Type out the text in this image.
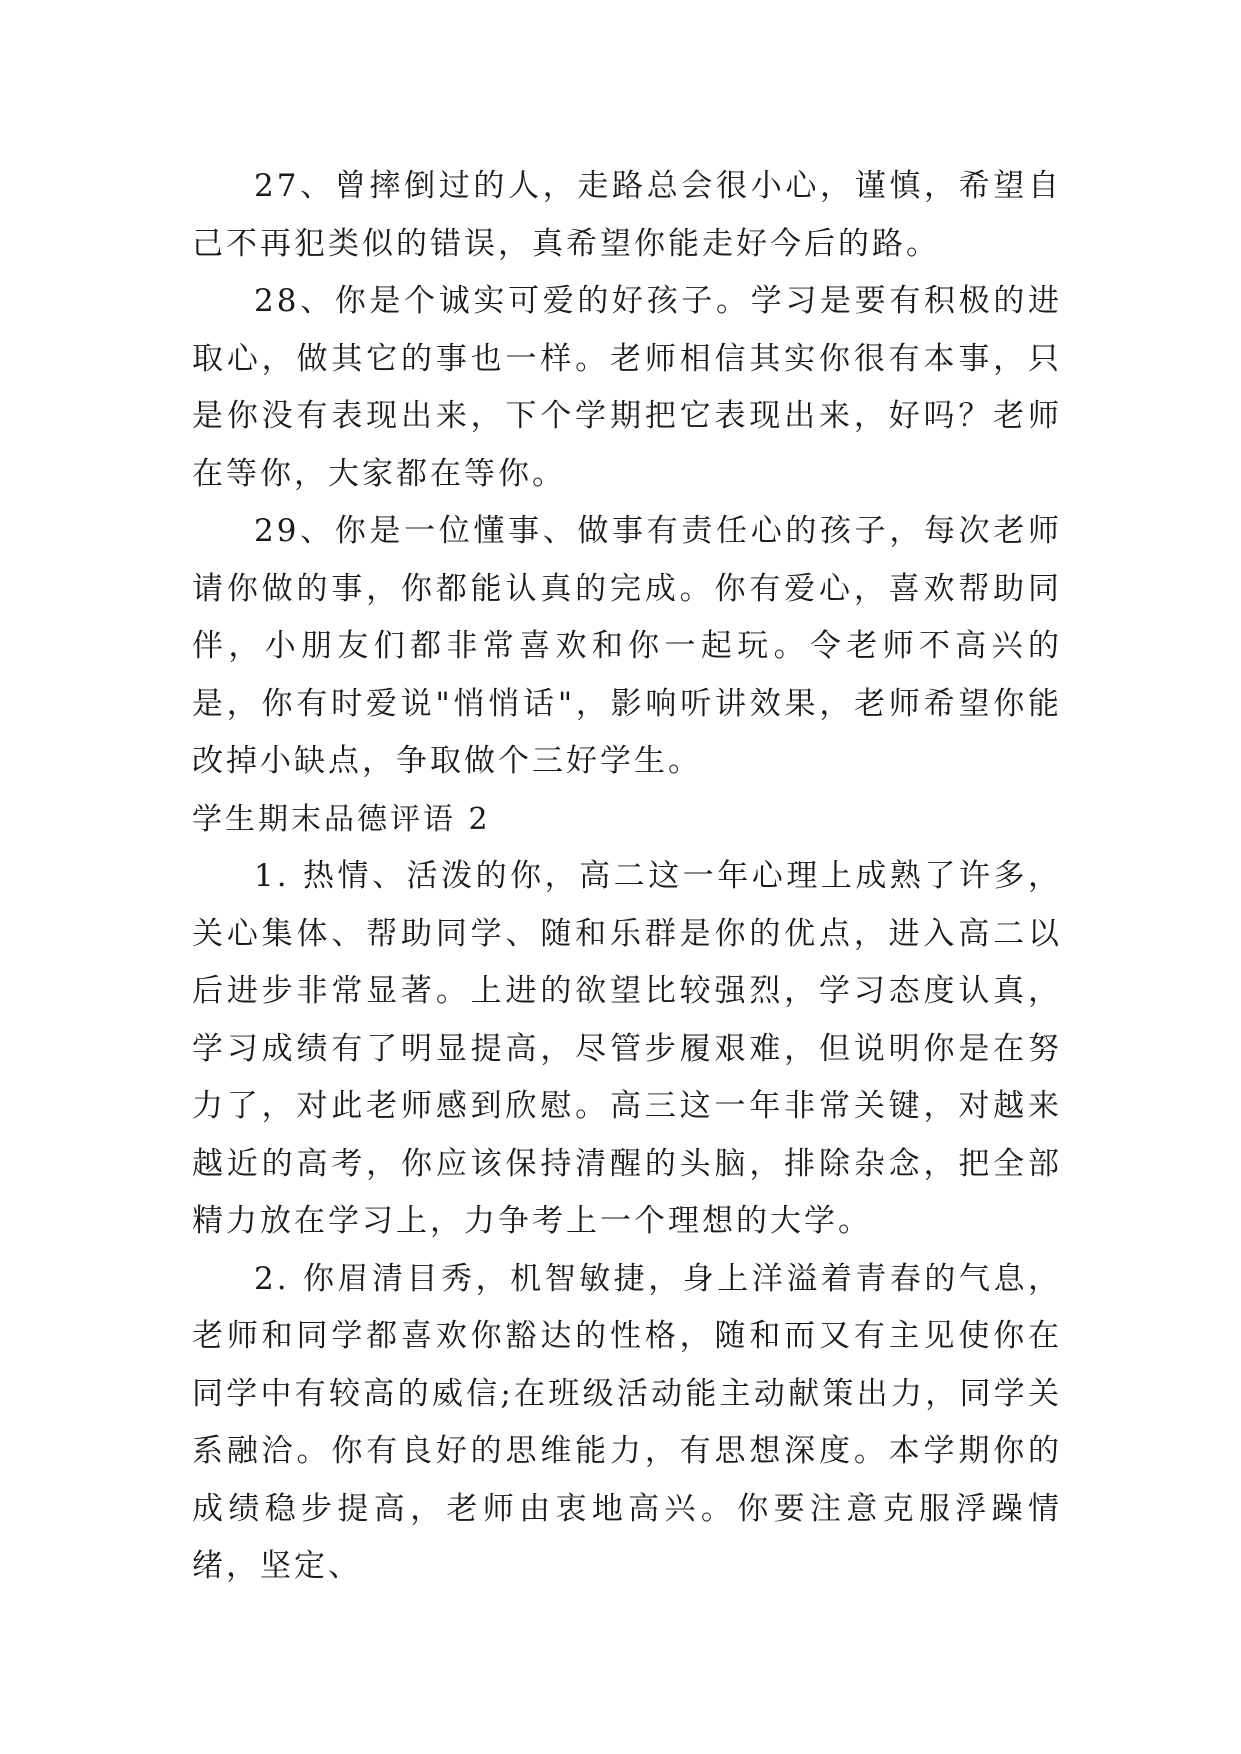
27、曾摔倒过的人，走路总会很小心，谨慎，希望自己不再犯类似的错误，真希望你能走好今后的路。

28、你是个诚实可爱的好孩子。学习是要有积极的进取心，做其它的事也一样。老师相信其实你很有本事，只是你没有表现出来，下个学期把它表现出来，好吗？老师在等你，大家都在等你。

29、你是一位懂事、做事有责任心的孩子，每次老师请你做的事，你都能认真的完成。你有爱心，喜欢帮助同伴，小朋友们都非常喜欢和你一起玩。令老师不高兴的是，你有时爱说"悄悄话"，影响听讲效果，老师希望你能改掉小缺点，争取做个三好学生。

学生期末品德评语 2

1. 热情、活泼的你，高二这一年心理上成熟了许多，关心集体、帮助同学、随和乐群是你的优点，进入高二以后进步非常显著。上进的欲望比较强烈，学习态度认真，学习成绩有了明显提高，尽管步履艰难，但说明你是在努力了，对此老师感到欣慰。高三这一年非常关键，对越来越近的高考，你应该保持清醒的头脑，排除杂念，把全部精力放在学习上，力争考上一个理想的大学。

2. 你眉清目秀，机智敏捷，身上洋溢着青春的气息，老师和同学都喜欢你豁达的性格，随和而又有主见使你在同学中有较高的威信;在班级活动能主动献策出力，同学关系融洽。你有良好的思维能力，有思想深度。本学期你的成绩稳步提高，老师由衷地高兴。你要注意克服浮躁情绪，坚定、
